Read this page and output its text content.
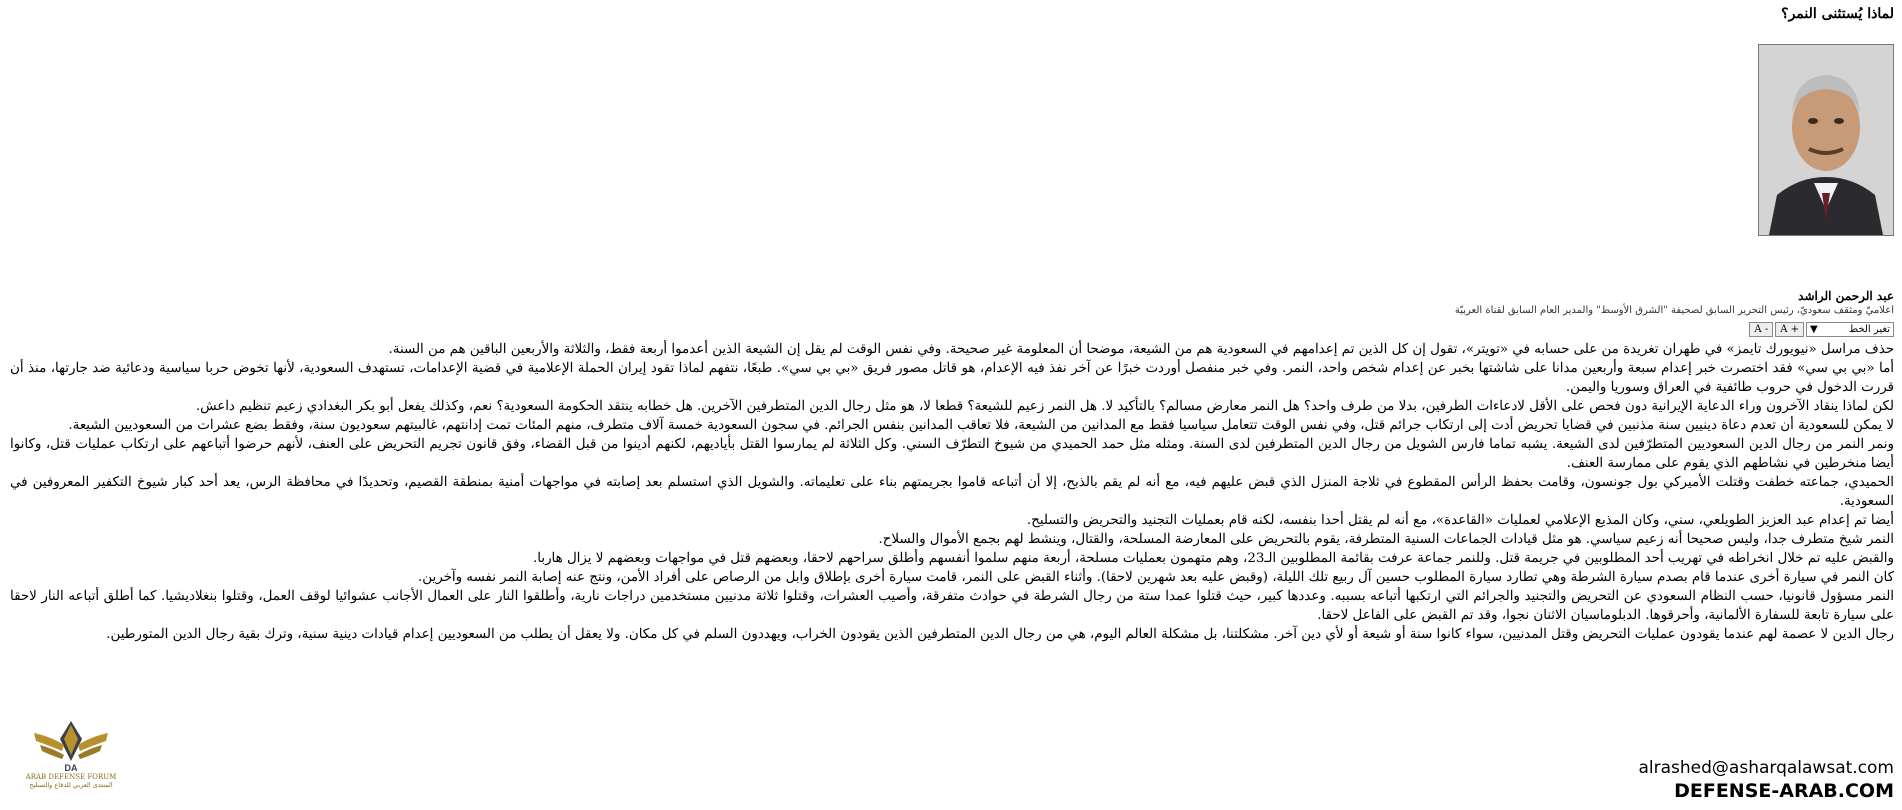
لماذا يُستثنى النمر؟
عبد الرحمن الراشد
اعلاميّ ومثقف سعوديّ، رئيس التحرير السابق لصحيفة "الشرق الأوسط" والمدير العام السابق لقناة العربيّة
تغير الخط
▼
+ A
- A

حذف مراسل «نيويورك تايمز» في طهران تغريدة من على حسابه في «تويتر»، تقول إن كل الذين تم إعدامهم في السعودية هم من الشيعة، موضحا أن المعلومة غير صحيحة. وفي نفس الوقت لم يقل إن الشيعة الذين أعدموا أربعة فقط، والثلاثة والأربعين الباقين هم من السنة.

أما «بي بي سي» فقد اختصرت خبر إعدام سبعة وأربعين مدانا على شاشتها بخبر عن إعدام شخص واحد، النمر. وفي خبر منفصل أوردت خبرًا عن آخر نفذ فيه الإعدام، هو قاتل مصور فريق «بي بي سي». طبعًا، نتفهم لماذا تقود إيران الحملة الإعلامية في قضية الإعدامات، تستهدف السعودية، لأنها تخوض حربا سياسية ودعائية ضد جارتها، منذ أن قررت الدخول في حروب طائفية في العراق وسوريا واليمن.

لكن لماذا ينقاد الآخرون وراء الدعاية الإيرانية دون فحص على الأقل لادعاءات الطرفين، بدلا من طرف واحد؟ هل النمر معارض مسالم؟ بالتأكيد لا. هل النمر زعيم للشيعة؟ قطعا لا، هو مثل رجال الدين المتطرفين الآخرين. هل خطابه ينتقد الحكومة السعودية؟ نعم، وكذلك يفعل أبو بكر البغدادي زعيم تنظيم داعش.

لا يمكن للسعودية أن تعدم دعاة دينيين سنة مذنبين في قضايا تحريض أدت إلى ارتكاب جرائم قتل، وفي نفس الوقت تتعامل سياسيا فقط مع المدانين من الشيعة، فلا تعاقب المدانين بنفس الجرائم. في سجون السعودية خمسة آلاف متطرف، منهم المئات تمت إدانتهم، غالبيتهم سعوديون سنة، وفقط بضع عشرات من السعوديين الشيعة.

ونمر النمر من رجال الدين السعوديين المتطرّفين لدى الشيعة. يشبه تماما فارس الشويل من رجال الدين المتطرفين لدى السنة. ومثله مثل حمد الحميدي من شيوخ التطرّف السني. وكل الثلاثة لم يمارسوا القتل بأياديهم، لكنهم أدينوا من قبل القضاء، وفق قانون تجريم التحريض على العنف، لأنهم حرضوا أتباعهم على ارتكاب عمليات قتل، وكانوا أيضا منخرطين في نشاطهم الذي يقوم على ممارسة العنف.

الحميدي، جماعته خطفت وقتلت الأميركي بول جونسون، وقامت بحفظ الرأس المقطوع في ثلاجة المنزل الذي قبض عليهم فيه، مع أنه لم يقم بالذبح، إلا أن أتباعه قاموا بجريمتهم بناء على تعليماته. والشويل الذي استسلم بعد إصابته في مواجهات أمنية بمنطقة القصيم، وتحديدًا في محافظة الرس، يعد أحد كبار شيوخ التكفير المعروفين في السعودية.

أيضا تم إعدام عبد العزيز الطويلعي، سني، وكان المذيع الإعلامي لعمليات «القاعدة»، مع أنه لم يقتل أحدا بنفسه، لكنه قام بعمليات التجنيد والتحريض والتسليح.

النمر شيخ متطرف جدا، وليس صحيحا أنه زعيم سياسي. هو مثل قيادات الجماعات السنية المتطرفة، يقوم بالتحريض على المعارضة المسلحة، والقتال، وينشط لهم بجمع الأموال والسلاح.

والقبض عليه تم خلال انخراطه في تهريب أحد المطلوبين في جريمة قتل. وللنمر جماعة عرفت بقائمة المطلوبين الـ23، وهم متهمون بعمليات مسلحة، أربعة منهم سلموا أنفسهم وأطلق سراحهم لاحقا، وبعضهم قتل في مواجهات وبعضهم لا يزال هاربا.

كان النمر في سيارة أخرى عندما قام بصدم سيارة الشرطة وهي تطارد سيارة المطلوب حسين آل ربيع تلك الليلة، (وقبض عليه بعد شهرين لاحقا). وأثناء القبض على النمر، قامت سيارة أخرى بإطلاق وابل من الرصاص على أفراد الأمن، ونتج عنه إصابة النمر نفسه وآخرين.

النمر مسؤول قانونيا، حسب النظام السعودي عن التحريض والتجنيد والجرائم التي ارتكبها أتباعه بسببه. وعددها كبير، حيث قتلوا عمدا ستة من رجال الشرطة في حوادث متفرقة، وأصيب العشرات، وقتلوا ثلاثة مدنيين مستخدمين دراجات نارية، وأطلقوا النار على العمال الأجانب عشوائيا لوقف العمل، وقتلوا بنغلاديشيا. كما أطلق أتباعه النار لاحقا على سيارة تابعة للسفارة الألمانية، وأحرقوها. الدبلوماسيان الاثنان نجوا، وقد تم القبض على الفاعل لاحقا.

رجال الدين لا عصمة لهم عندما يقودون عمليات التحريض وقتل المدنيين، سواء كانوا سنة أو شيعة أو لأي دين آخر. مشكلتنا، بل مشكلة العالم اليوم، هي من رجال الدين المتطرفين الذين يقودون الخراب، ويهددون السلم في كل مكان. ولا يعقل أن يطلب من السعوديين إعدام قيادات دينية سنية، وترك بقية رجال الدين المتورطين.

alrashed@asharqalawsat.com
DEFENSE-ARAB.COM
DA
ARAB DEFENSE FORUM
المنتدى العربي للدفاع والتسليح
